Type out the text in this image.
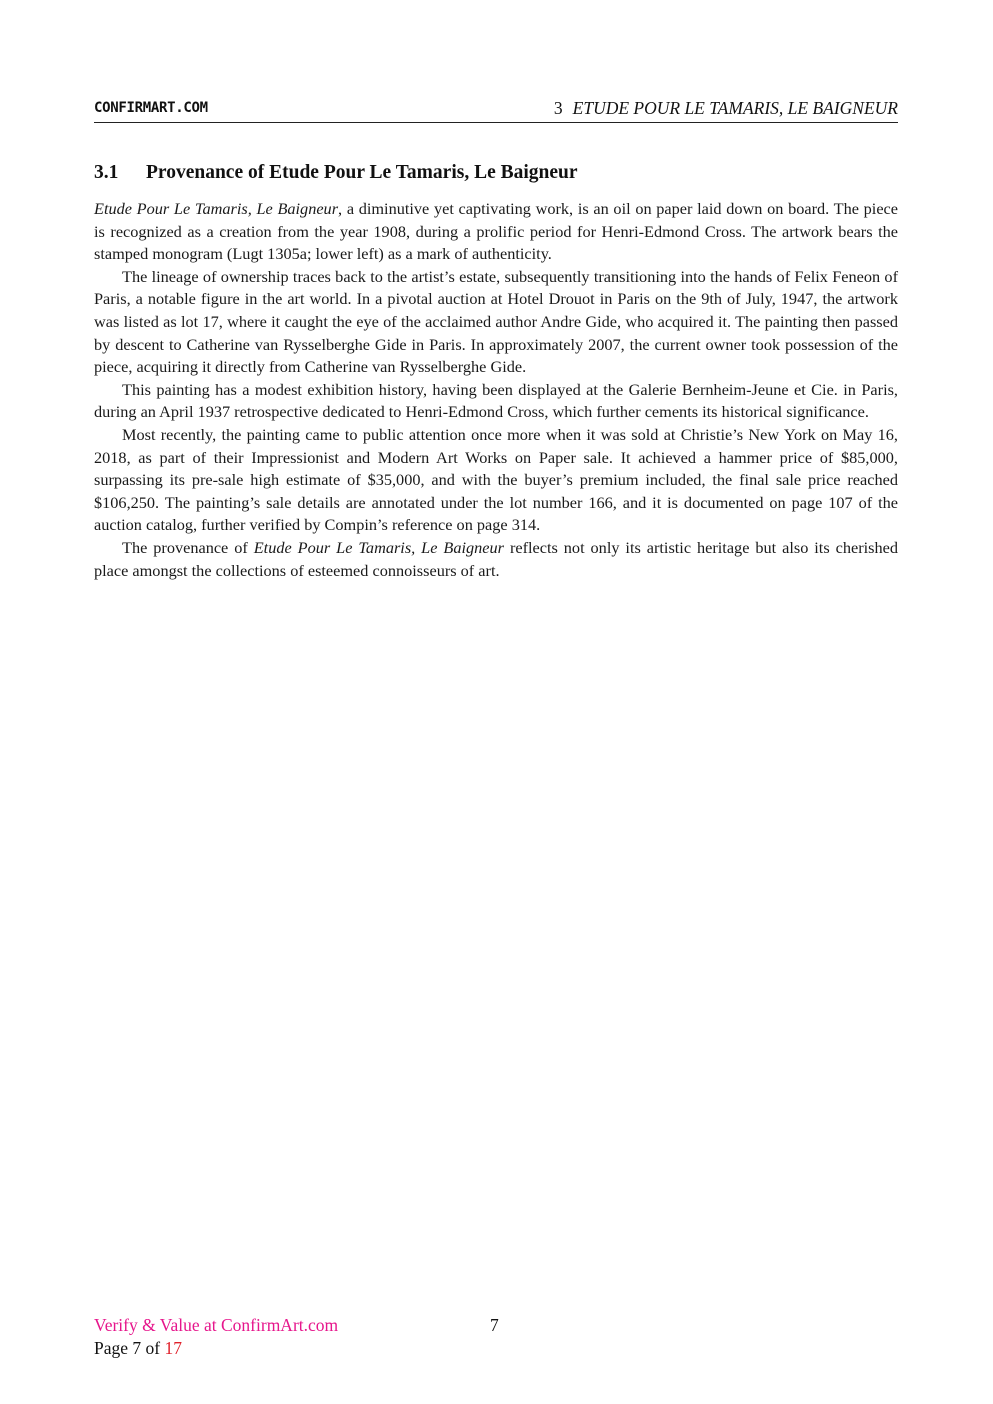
CONFIRMART.COM	3 ETUDE POUR LE TAMARIS, LE BAIGNEUR
3.1 Provenance of Etude Pour Le Tamaris, Le Baigneur

Etude Pour Le Tamaris, Le Baigneur, a diminutive yet captivating work, is an oil on paper laid down on board. The piece is recognized as a creation from the year 1908, during a prolific period for Henri-Edmond Cross. The artwork bears the stamped monogram (Lugt 1305a; lower left) as a mark of authenticity.

The lineage of ownership traces back to the artist’s estate, subsequently transitioning into the hands of Felix Feneon of Paris, a notable figure in the art world. In a pivotal auction at Hotel Drouot in Paris on the 9th of July, 1947, the artwork was listed as lot 17, where it caught the eye of the acclaimed author Andre Gide, who acquired it. The painting then passed by descent to Catherine van Rysselberghe Gide in Paris. In approximately 2007, the current owner took possession of the piece, acquiring it directly from Catherine van Rysselberghe Gide.

This painting has a modest exhibition history, having been displayed at the Galerie Bernheim-Jeune et Cie. in Paris, during an April 1937 retrospective dedicated to Henri-Edmond Cross, which further cements its historical significance.

Most recently, the painting came to public attention once more when it was sold at Christie’s New York on May 16, 2018, as part of their Impressionist and Modern Art Works on Paper sale. It achieved a hammer price of $85,000, surpassing its pre-sale high estimate of $35,000, and with the buyer’s premium included, the final sale price reached $106,250. The painting’s sale details are annotated under the lot number 166, and it is documented on page 107 of the auction catalog, further verified by Compin’s reference on page 314.

The provenance of Etude Pour Le Tamaris, Le Baigneur reflects not only its artistic heritage but also its cherished place amongst the collections of esteemed connoisseurs of art.

Verify & Value at ConfirmArt.com	7
Page 7 of 17
